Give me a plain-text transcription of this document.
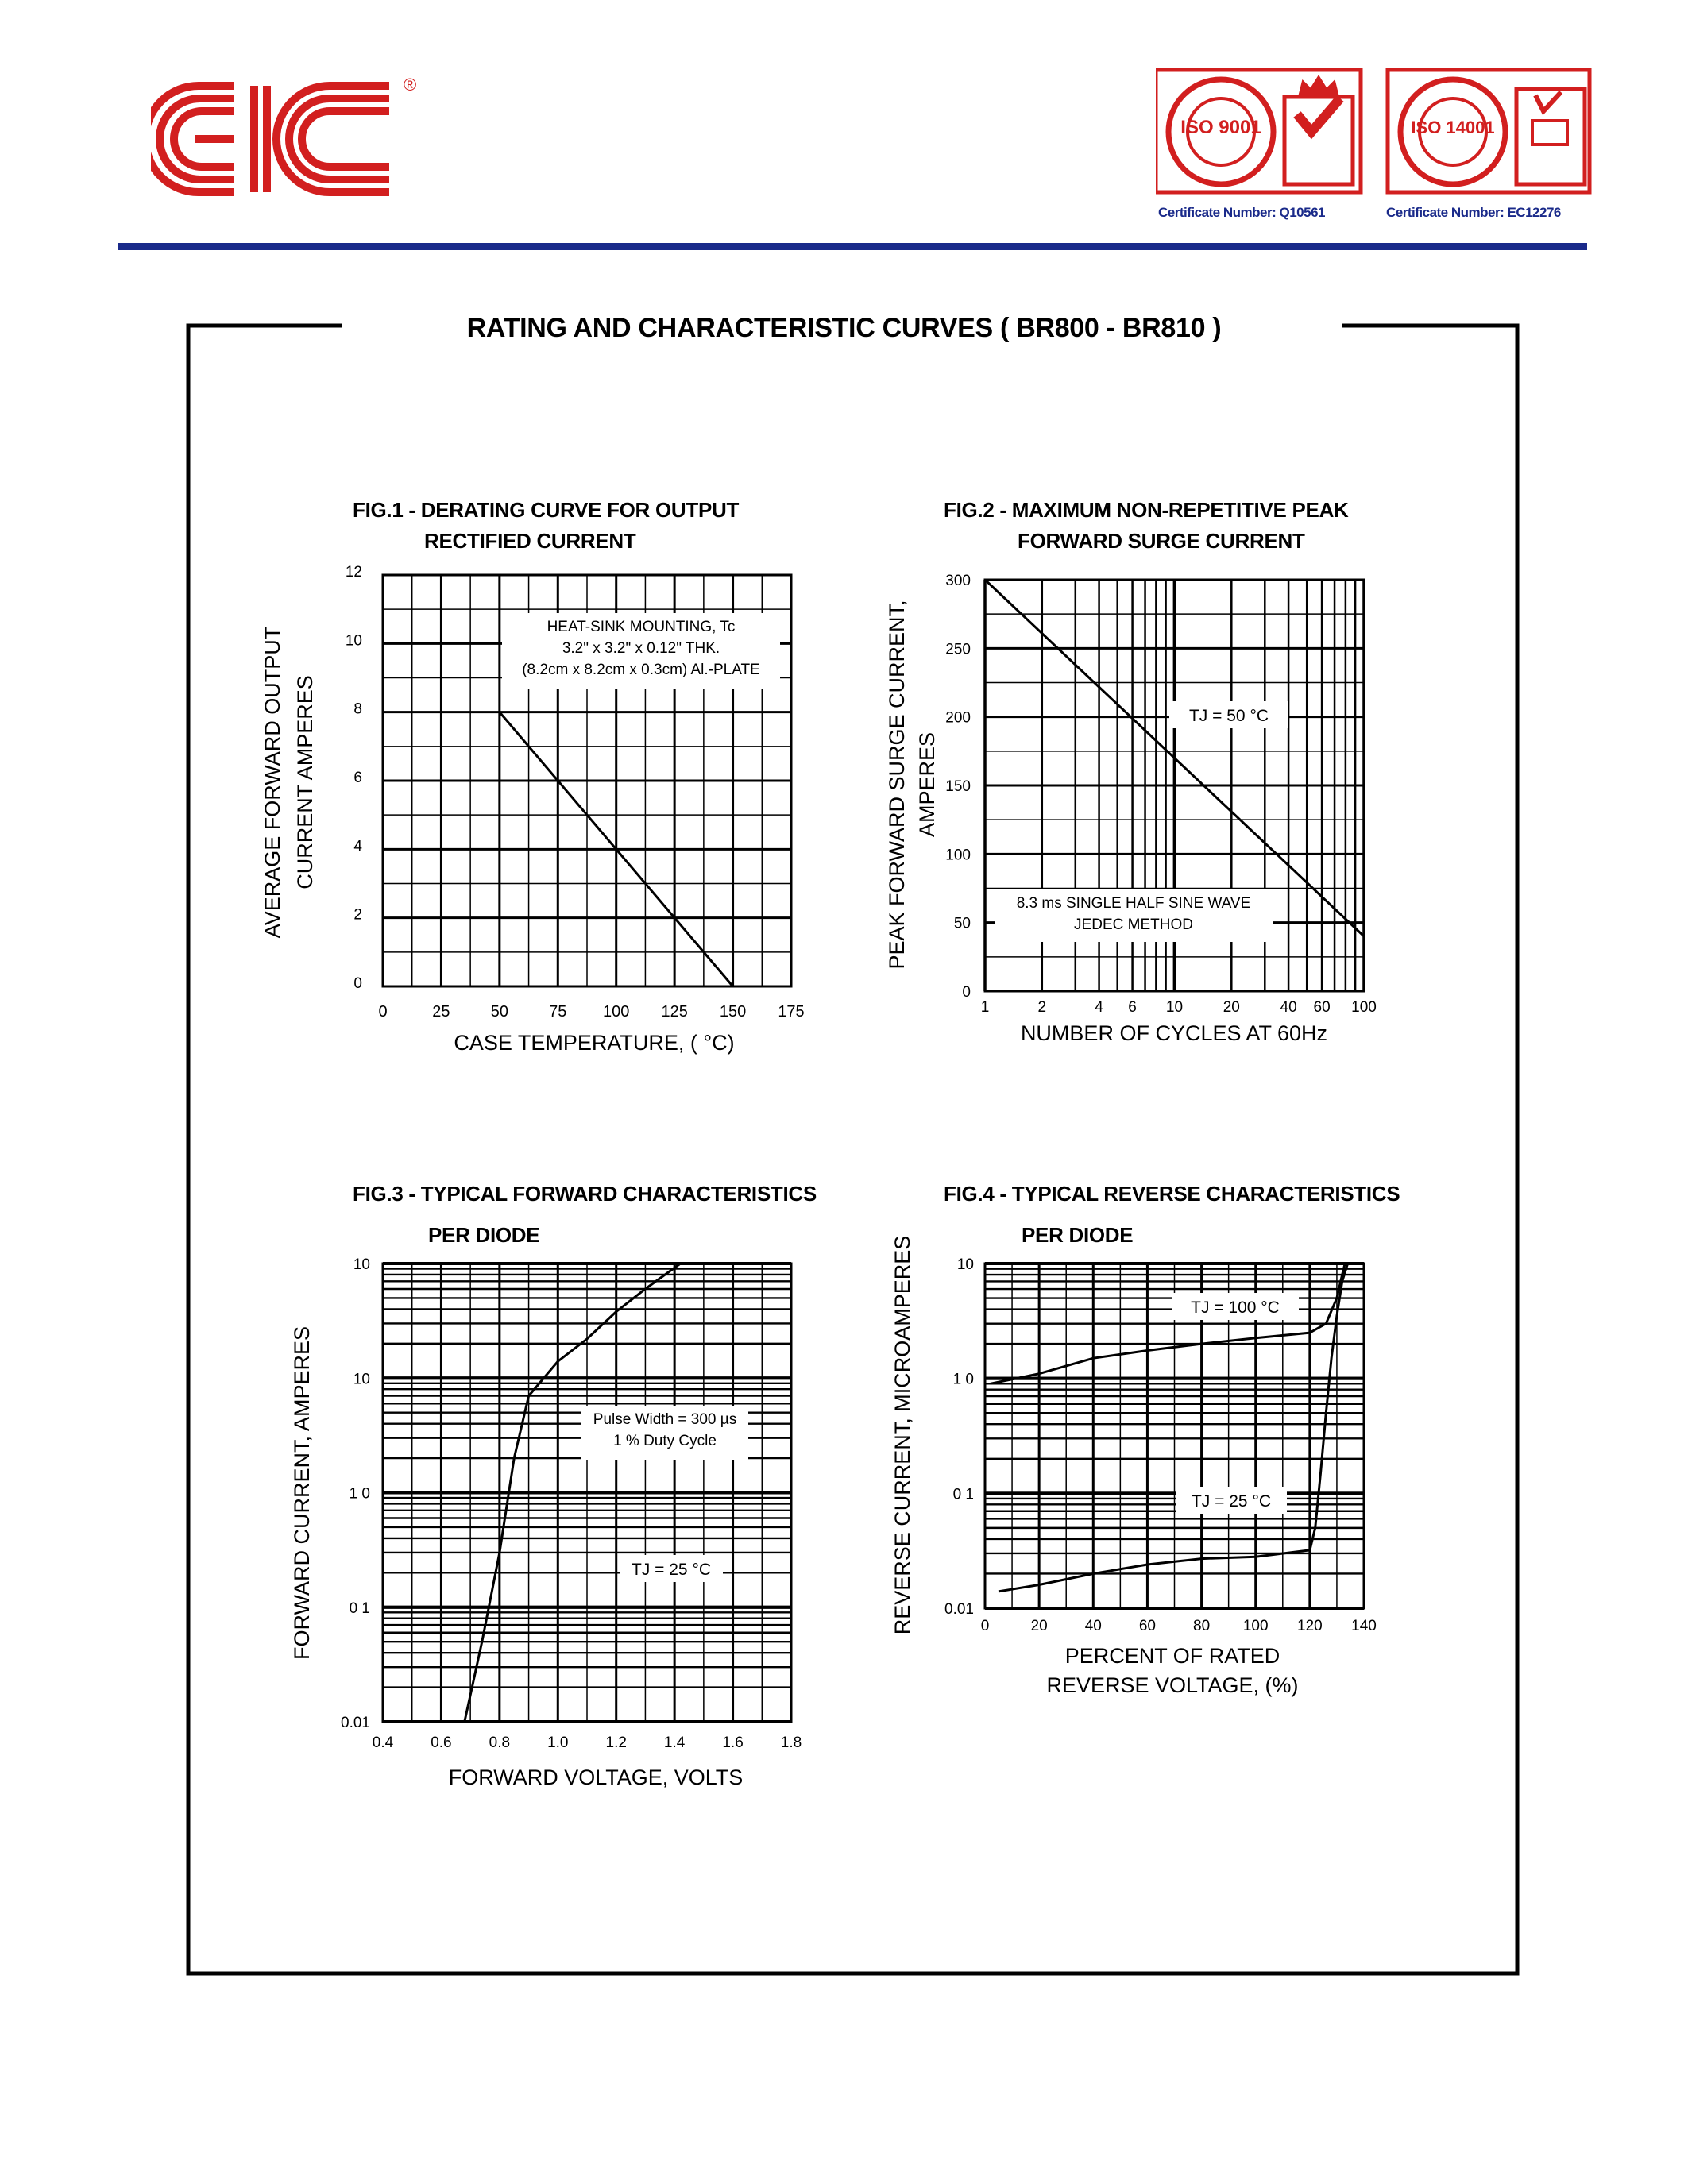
®
ISO 9001	ISO 14001
Certificate Number: Q10561	Certificate Number: EC12276
RATING AND CHARACTERISTIC CURVES ( BR800 - BR810 )
FIG.1 - DERATING CURVE FOR OUTPUT
RECTIFIED CURRENT
FIG.2 - MAXIMUM NON-REPETITIVE PEAK
FORWARD SURGE CURRENT
FIG.3 - TYPICAL FORWARD CHARACTERISTICS
PER DIODE
FIG.4 - TYPICAL REVERSE CHARACTERISTICS
PER DIODE
HEAT-SINK MOUNTING, Tc
3.2" x 3.2" x 0.12" THK.
(8.2cm x 8.2cm x 0.3cm) Al.-PLATE
0	25	50	75 100 125 150 175
0
2
4
6
8
10
12
CASE TEMPERATURE, ( °C)
AVERAGE FORWARD OUTPUT CURRENT AMPERES	TJ = 50 °C
8.3 ms SINGLE HALF SINE WAVE
JEDEC METHOD
1	2	4 6 10	20	40 60 100
0
50
100
150
200
250
300
NUMBER OF CYCLES AT 60Hz
PEAK FORWARD SURGE CURRENT, AMPERES
Pulse Width = 300 µs
1 % Duty Cycle
TJ = 25 °C
0.4 0.6 0.8 1.0 1.2 1.4 1.6 1.8
0.01
0 1
1 0
10
10
FORWARD VOLTAGE, VOLTS
FORWARD CURRENT, AMPERES
TJ = 100 °C
TJ = 25 °C
0	20 40 60 80 100 120 140
0.01
0 1
1 0
10
PERCENT OF RATED
REVERSE VOLTAGE, (%)
REVERSE CURRENT, MICROAMPERES
